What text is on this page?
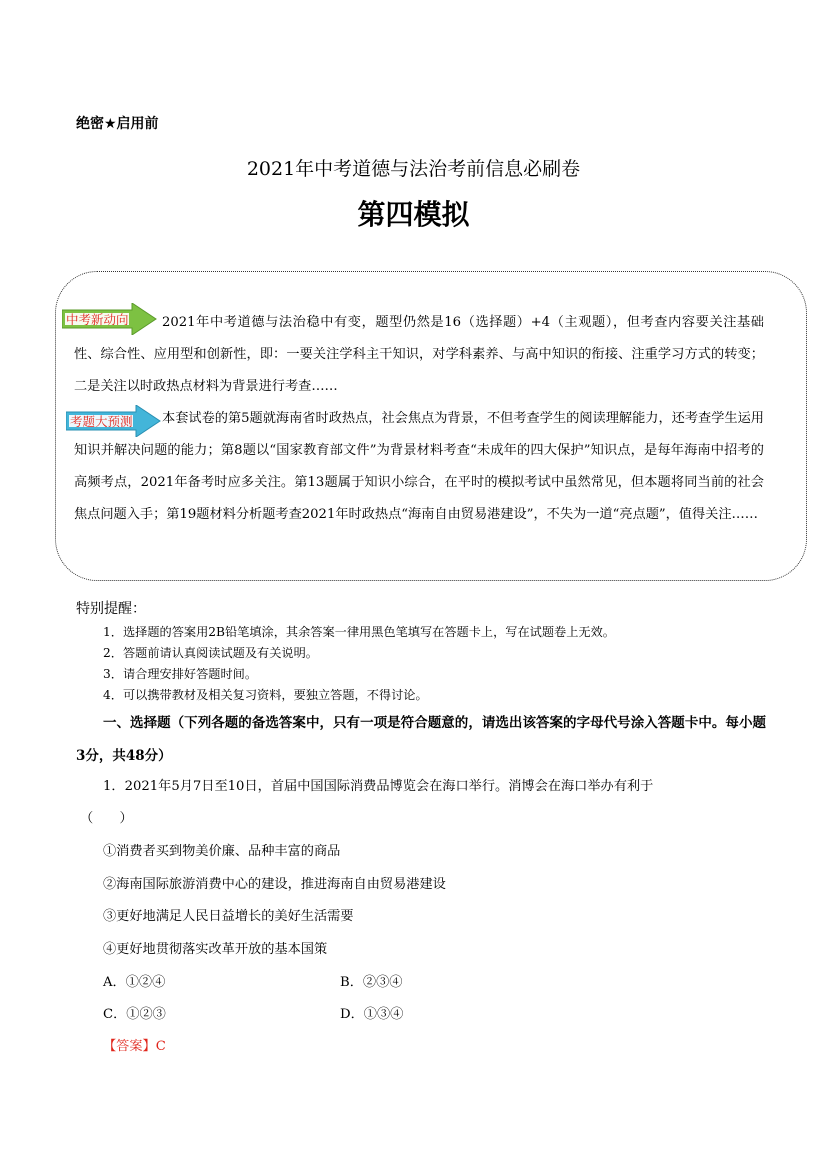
绝密★启用前
2021年中考道德与法治考前信息必刷卷
第四模拟
中考新动向	2021年中考道德与法治稳中有变，题型仍然是16（选择题）+4（主观题），但考查内容要关注基础性、综合性、应用型和创新性，即：一要关注学科主干知识，对学科素养、与高中知识的衔接、注重学习方式的转变；二是关注以时政热点材料为背景进行考查……
考题大预测	本套试卷的第5题就海南省时政热点，社会焦点为背景，不但考查学生的阅读理解能力，还考查学生运用知识并解决问题的能力；第8题以“国家教育部文件”为背景材料考查“未成年的四大保护”知识点，是每年海南中招考的高频考点，2021年备考时应多关注。第13题属于知识小综合，在平时的模拟考试中虽然常见，但本题将同当前的社会焦点问题入手；第19题材料分析题考查2021年时政热点“海南自由贸易港建设”，不失为一道“亮点题”，值得关注……
特别提醒：
1．选择题的答案用2B铅笔填涂，其余答案一律用黑色笔填写在答题卡上，写在试题卷上无效。
2．答题前请认真阅读试题及有关说明。
3．请合理安排好答题时间。
4．可以携带教材及相关复习资料，要独立答题，不得讨论。
一、选择题（下列各题的备选答案中，只有一项是符合题意的，请选出该答案的字母代号涂入答题卡中。每小题3分，共48分）
1．2021年5月7日至10日，首届中国国际消费品博览会在海口举行。消博会在海口举办有利于
（　　）
①消费者买到物美价廉、品种丰富的商品
②海南国际旅游消费中心的建设，推进海南自由贸易港建设
③更好地满足人民日益增长的美好生活需要
④更好地贯彻落实改革开放的基本国策
A．①②④	B．②③④
C．①②③	D．①③④
【答案】C
